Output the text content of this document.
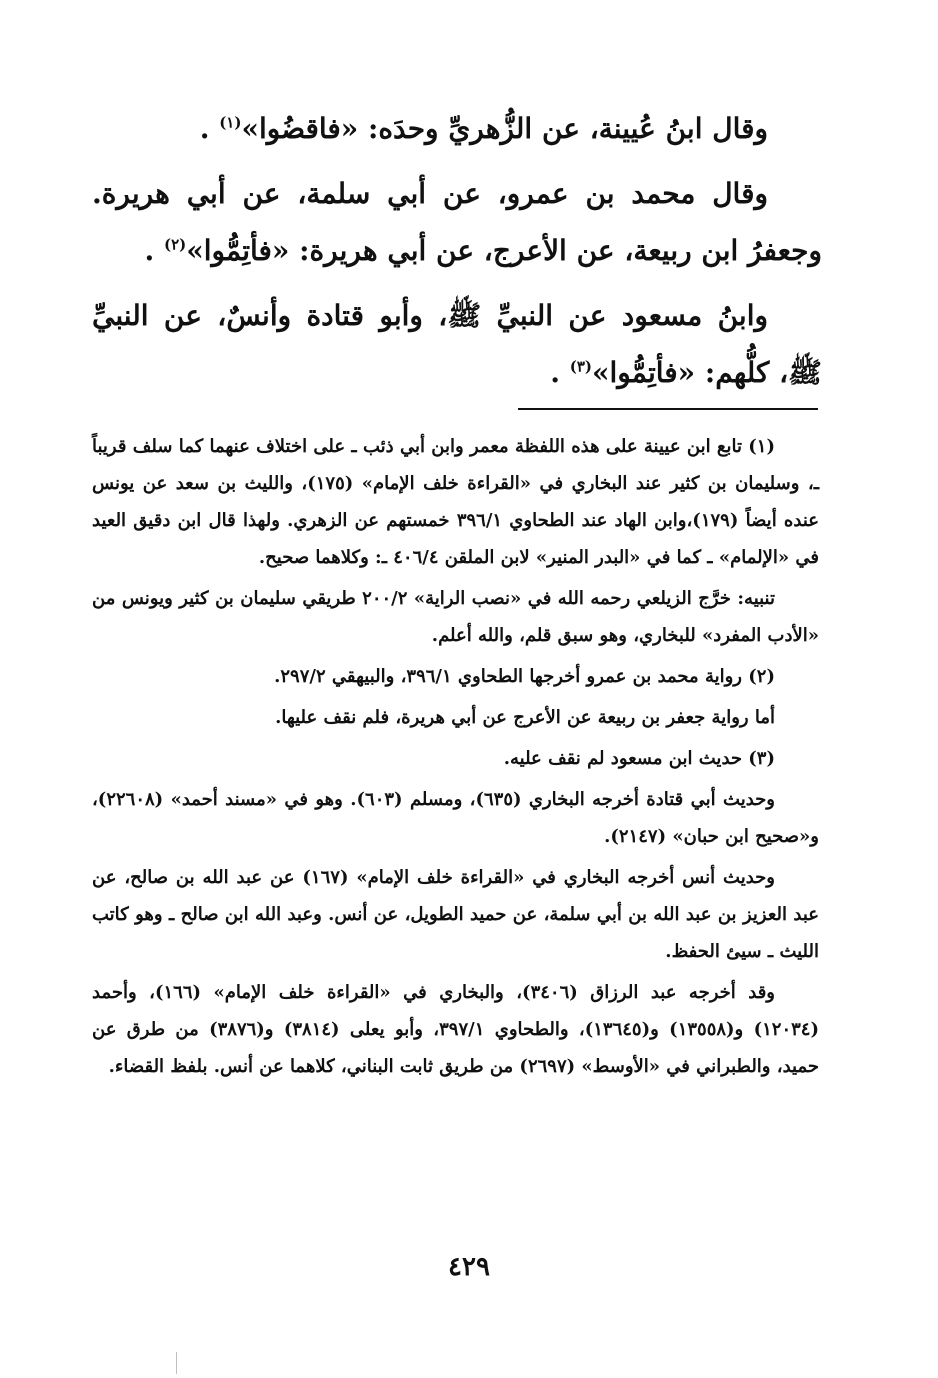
وقال ابنُ عُيينة، عن الزُّهريِّ وحدَه: «فاقضُوا»$^{(١)}$ .

وقال محمد بن عمرو، عن أبي سلمة، عن أبي هريرة. وجعفرُ ابن ربيعة، عن الأعرج، عن أبي هريرة: «فأتِمُّوا»$^{(٢)}$ .

وابنُ مسعود عن النبيِّ ﷺ، وأبو قتادة وأنسٌ، عن النبيِّ ﷺ، كلُّهم: «فأتِمُّوا»$^{(٣)}$ .

(١) تابع ابن عيينة على هذه اللفظة معمر وابن أبي ذئب ـ على اختلاف عنهما كما سلف قريباً ـ، وسليمان بن كثير عند البخاري في «القراءة خلف الإمام» (١٧٥)، والليث بن سعد عن يونس عنده أيضاً (١٧٩)،وابن الهاد عند الطحاوي ٣٩٦/١ خمستهم عن الزهري. ولهذا قال ابن دقيق العيد في «الإلمام» ـ كما في «البدر المنير» لابن الملقن ٤٠٦/٤ ـ: وكلاهما صحيح.

تنبيه: خرَّج الزيلعي رحمه الله في «نصب الراية» ٢٠٠/٢ طريقي سليمان بن كثير ويونس من «الأدب المفرد» للبخاري، وهو سبق قلم، والله أعلم.

(٢) رواية محمد بن عمرو أخرجها الطحاوي ٣٩٦/١، والبيهقي ٢٩٧/٢.

أما رواية جعفر بن ربيعة عن الأعرج عن أبي هريرة، فلم نقف عليها.

(٣) حديث ابن مسعود لم نقف عليه.

وحديث أبي قتادة أخرجه البخاري (٦٣٥)، ومسلم (٦٠٣). وهو في «مسند أحمد» (٢٢٦٠٨)، و«صحيح ابن حبان» (٢١٤٧).

وحديث أنس أخرجه البخاري في «القراءة خلف الإمام» (١٦٧) عن عبد الله بن صالح، عن عبد العزيز بن عبد الله بن أبي سلمة، عن حميد الطويل، عن أنس. وعبد الله ابن صالح ـ وهو كاتب الليث ـ سيئ الحفظ.

وقد أخرجه عبد الرزاق (٣٤٠٦)، والبخاري في «القراءة خلف الإمام» (١٦٦)، وأحمد (١٢٠٣٤) و(١٣٥٥٨) و(١٣٦٤٥)، والطحاوي ٣٩٧/١، وأبو يعلى (٣٨١٤) و(٣٨٧٦) من طرق عن حميد، والطبراني في «الأوسط» (٢٦٩٧) من طريق ثابت البناني، كلاهما عن أنس. بلفظ القضاء.

٤٢٩
